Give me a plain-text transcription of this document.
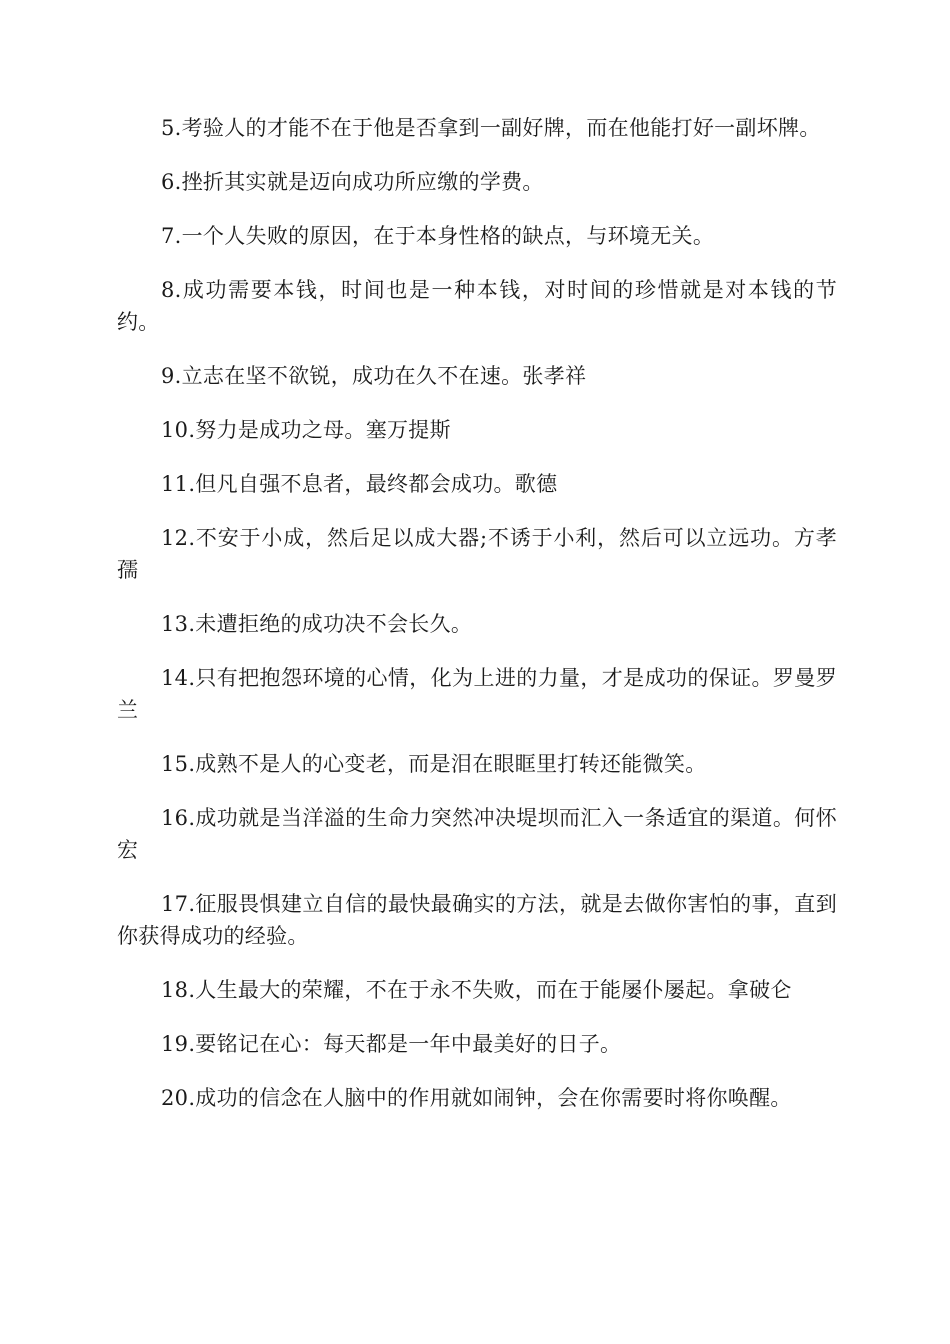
5.考验人的才能不在于他是否拿到一副好牌，而在他能打好一副坏牌。

6.挫折其实就是迈向成功所应缴的学费。

7.一个人失败的原因，在于本身性格的缺点，与环境无关。

8.成功需要本钱，时间也是一种本钱，对时间的珍惜就是对本钱的节约。

9.立志在坚不欲锐，成功在久不在速。张孝祥

10.努力是成功之母。塞万提斯

11.但凡自强不息者，最终都会成功。歌德

12.不安于小成，然后足以成大器;不诱于小利，然后可以立远功。方孝孺

13.未遭拒绝的成功决不会长久。

14.只有把抱怨环境的心情，化为上进的力量，才是成功的保证。罗曼罗兰

15.成熟不是人的心变老，而是泪在眼眶里打转还能微笑。

16.成功就是当洋溢的生命力突然冲决堤坝而汇入一条适宜的渠道。何怀宏

17.征服畏惧建立自信的最快最确实的方法，就是去做你害怕的事，直到你获得成功的经验。

18.人生最大的荣耀，不在于永不失败，而在于能屡仆屡起。拿破仑

19.要铭记在心：每天都是一年中最美好的日子。

20.成功的信念在人脑中的作用就如闹钟，会在你需要时将你唤醒。
